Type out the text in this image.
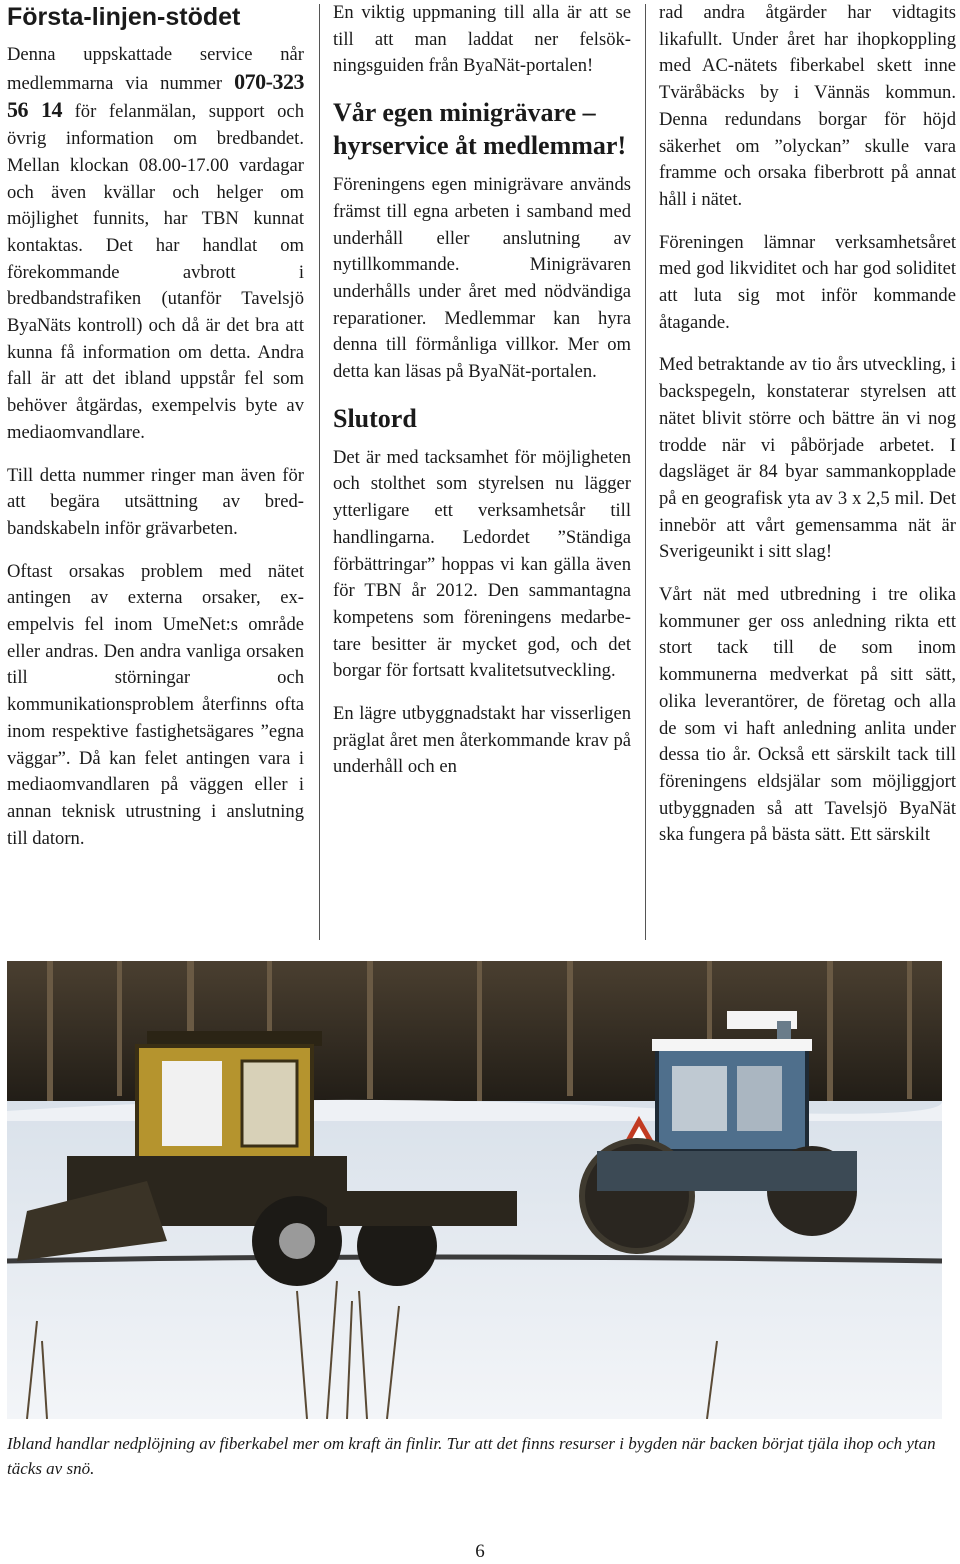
Första-linjen-stödet

Denna uppskattade service når medlemmarna via nummer 070-323 56 14 för felanmälan, support och övrig information om bredbandet. Mellan klockan 08.00-17.00 vardagar och även kvällar och helger om möjlighet funnits, har TBN kunnat kontaktas. Det har handlat om förekommande avbrott i bredbandstrafiken (utanför Tavelsjö ByaNäts kontroll) och då är det bra att kunna få information om detta. Andra fall är att det ibland uppstår fel som behöver åtgärdas, exempelvis byte av mediaomvandlare.

Till detta nummer ringer man även för att begära utsättning av bredbandskabeln inför grävarbeten.

Oftast orsakas problem med nätet antingen av externa orsaker, exempelvis fel inom UmeNet:s område eller andras. Den andra vanliga orsaken till störningar och kommunikationsproblem återfinns ofta inom respektive fastighetsägares ”egna väggar”. Då kan felet antingen vara i mediaomvandlaren på väggen eller i annan teknisk utrustning i anslutning till datorn.

En viktig uppmaning till alla är att se till att man laddat ner felsökningsguiden från ByaNät-portalen!

Vår egen minigrävare – hyrservice åt medlemmar!

Föreningens egen minigrävare används främst till egna arbeten i samband med underhåll eller anslutning av nytillkommande. Minigrävaren underhålls under året med nödvändiga reparationer. Medlemmar kan hyra denna till förmånliga villkor. Mer om detta kan läsas på ByaNät-portalen.

Slutord

Det är med tacksamhet för möjligheten och stolthet som styrelsen nu lägger ytterligare ett verksamhetsår till handlingarna. Ledordet ”Ständiga förbättringar” hoppas vi kan gälla även för TBN år 2012. Den sammantagna kompetens som föreningens medarbetare besitter är mycket god, och det borgar för fortsatt kvalitetsutveckling.

En lägre utbyggnadstakt har visserligen präglat året men återkommande krav på underhåll och en

rad andra åtgärder har vidtagits likafullt. Under året har ihopkoppling med AC-nätets fiberkabel skett inne Tväråbäcks by i Vännäs kommun. Denna redundans borgar för höjd säkerhet om ”olyckan” skulle vara framme och orsaka fiberbrott på annat håll i nätet.

Föreningen lämnar verksamhetsåret med god likviditet och har god soliditet att luta sig mot inför kommande åtagande.

Med betraktande av tio års utveckling, i backspegeln, konstaterar styrelsen att nätet blivit större och bättre än vi nog trodde när vi påbörjade arbetet. I dagsläget är 84 byar sammankopplade på en geografisk yta av 3 x 2,5 mil. Det innebör att vårt gemensamma nät är Sverigeunikt i sitt slag!

Vårt nät med utbredning i tre olika kommuner ger oss anledning rikta ett stort tack till de som inom kommunerna medverkat på sitt sätt, olika leverantörer, de företag och alla de som vi haft anledning anlita under dessa tio år. Också ett särskilt tack till föreningens eldsjälar som möjliggjort utbyggnaden så att Tavelsjö ByaNät ska fungera på bästa sätt. Ett särskilt

Ibland handlar nedplöjning av fiberkabel mer om kraft än finlir. Tur att det finns resurser i bygden när backen börjat tjäla ihop och ytan täcks av snö.
6
